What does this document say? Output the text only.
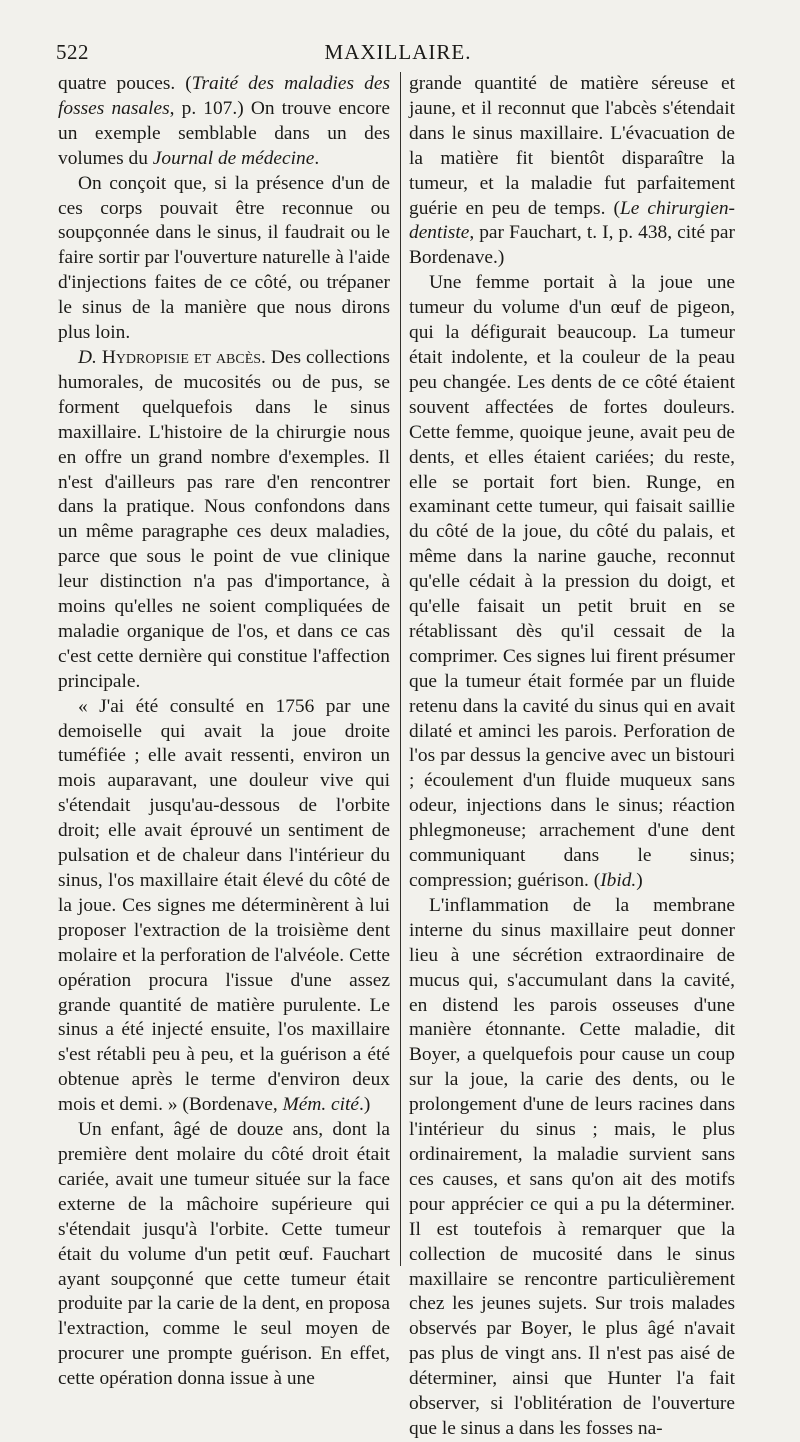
522	MAXILLAIRE.

quatre pouces. (Traité des maladies des fosses nasales, p. 107.) On trouve encore un exemple semblable dans un des volumes du Journal de médecine.

On conçoit que, si la présence d'un de ces corps pouvait être reconnue ou soupçonnée dans le sinus, il faudrait ou le faire sortir par l'ouverture naturelle à l'aide d'injections faites de ce côté, ou trépaner le sinus de la manière que nous dirons plus loin.

D. Hydropisie et abcès. Des collections humorales, de mucosités ou de pus, se forment quelquefois dans le sinus maxillaire. L'histoire de la chirurgie nous en offre un grand nombre d'exemples. Il n'est d'ailleurs pas rare d'en rencontrer dans la pratique. Nous confondons dans un même paragraphe ces deux maladies, parce que sous le point de vue clinique leur distinction n'a pas d'importance, à moins qu'elles ne soient compliquées de maladie organique de l'os, et dans ce cas c'est cette dernière qui constitue l'affection principale.

« J'ai été consulté en 1756 par une demoiselle qui avait la joue droite tuméfiée ; elle avait ressenti, environ un mois auparavant, une douleur vive qui s'étendait jusqu'au-dessous de l'orbite droit; elle avait éprouvé un sentiment de pulsation et de chaleur dans l'intérieur du sinus, l'os maxillaire était élevé du côté de la joue. Ces signes me déterminèrent à lui proposer l'extraction de la troisième dent molaire et la perforation de l'alvéole. Cette opération procura l'issue d'une assez grande quantité de matière purulente. Le sinus a été injecté ensuite, l'os maxillaire s'est rétabli peu à peu, et la guérison a été obtenue après le terme d'environ deux mois et demi. » (Bordenave, Mém. cité.)

Un enfant, âgé de douze ans, dont la première dent molaire du côté droit était cariée, avait une tumeur située sur la face externe de la mâchoire supérieure qui s'étendait jusqu'à l'orbite. Cette tumeur était du volume d'un petit œuf. Fauchart ayant soupçonné que cette tumeur était produite par la carie de la dent, en proposa l'extraction, comme le seul moyen de procurer une prompte guérison. En effet, cette opération donna issue à une

grande quantité de matière séreuse et jaune, et il reconnut que l'abcès s'étendait dans le sinus maxillaire. L'évacuation de la matière fit bientôt disparaître la tumeur, et la maladie fut parfaitement guérie en peu de temps. (Le chirurgien-dentiste, par Fauchart, t. I, p. 438, cité par Bordenave.)

Une femme portait à la joue une tumeur du volume d'un œuf de pigeon, qui la défigurait beaucoup. La tumeur était indolente, et la couleur de la peau peu changée. Les dents de ce côté étaient souvent affectées de fortes douleurs. Cette femme, quoique jeune, avait peu de dents, et elles étaient cariées; du reste, elle se portait fort bien. Runge, en examinant cette tumeur, qui faisait saillie du côté de la joue, du côté du palais, et même dans la narine gauche, reconnut qu'elle cédait à la pression du doigt, et qu'elle faisait un petit bruit en se rétablissant dès qu'il cessait de la comprimer. Ces signes lui firent présumer que la tumeur était formée par un fluide retenu dans la cavité du sinus qui en avait dilaté et aminci les parois. Perforation de l'os par dessus la gencive avec un bistouri ; écoulement d'un fluide muqueux sans odeur, injections dans le sinus; réaction phlegmoneuse; arrachement d'une dent communiquant dans le sinus; compression; guérison. (Ibid.)

L'inflammation de la membrane interne du sinus maxillaire peut donner lieu à une sécrétion extraordinaire de mucus qui, s'accumulant dans la cavité, en distend les parois osseuses d'une manière étonnante. Cette maladie, dit Boyer, a quelquefois pour cause un coup sur la joue, la carie des dents, ou le prolongement d'une de leurs racines dans l'intérieur du sinus ; mais, le plus ordinairement, la maladie survient sans ces causes, et sans qu'on ait des motifs pour apprécier ce qui a pu la déterminer. Il est toutefois à remarquer que la collection de mucosité dans le sinus maxillaire se rencontre particulièrement chez les jeunes sujets. Sur trois malades observés par Boyer, le plus âgé n'avait pas plus de vingt ans. Il n'est pas aisé de déterminer, ainsi que Hunter l'a fait observer, si l'oblitération de l'ouverture que le sinus a dans les fosses na-
